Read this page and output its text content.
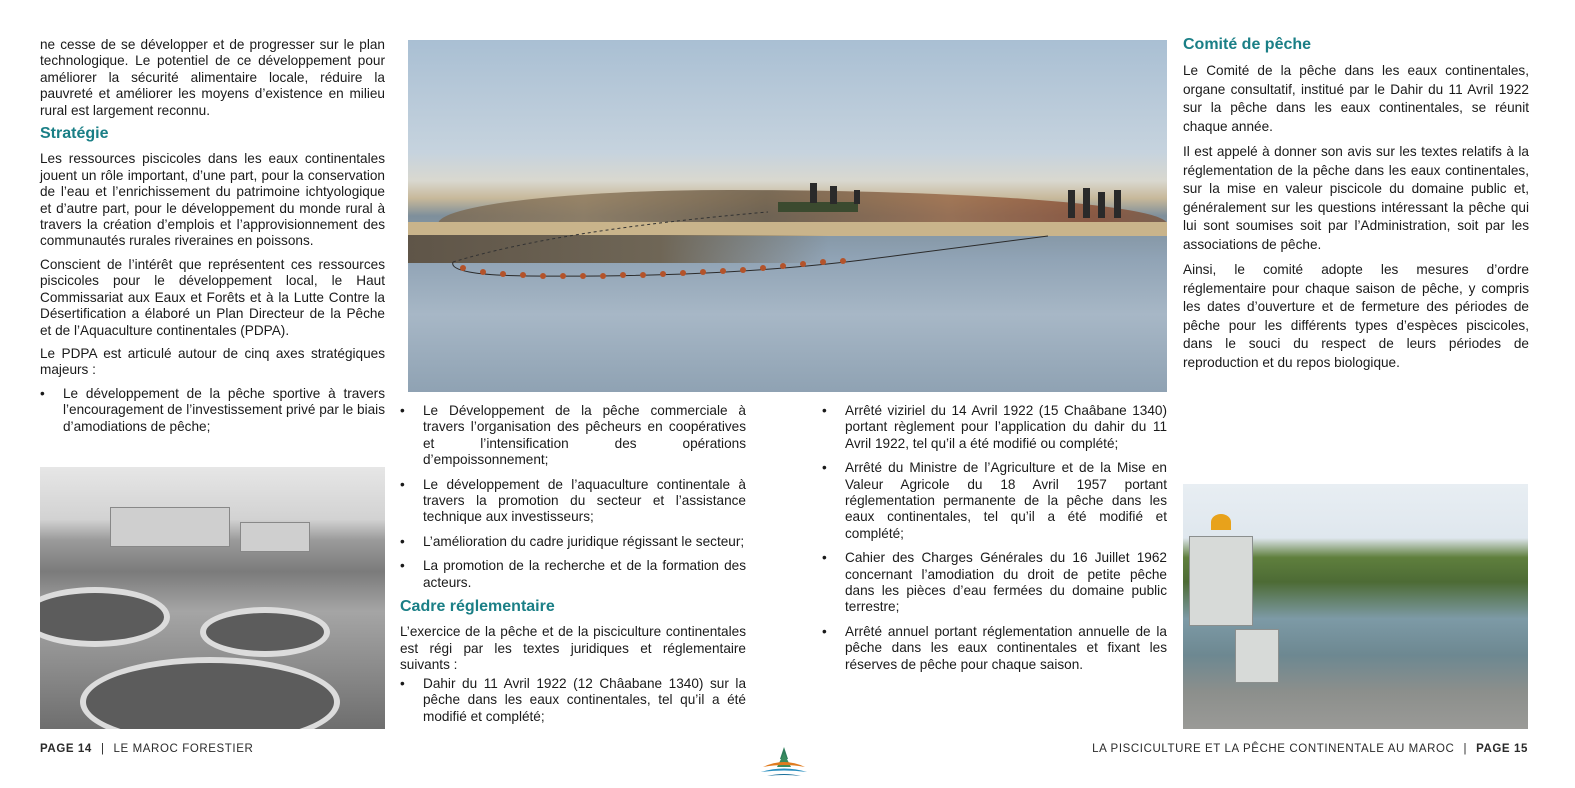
ne cesse de se développer et de progresser sur le plan technologique. Le potentiel de ce développement pour améliorer la sécurité alimentaire locale, réduire la pauvreté et améliorer les moyens d’existence en milieu rural est largement reconnu.

Stratégie

Les ressources piscicoles dans les eaux continentales jouent un rôle important, d’une part, pour la conservation de l’eau et l’enrichissement du patrimoine ichtyologique et d’autre part, pour le développement du monde rural à travers la création d’emplois et l’approvisionnement des communautés rurales riveraines en poissons.

Conscient de l’intérêt que représentent ces ressources piscicoles pour le développement local, le Haut Commissariat aux Eaux et Forêts et à la Lutte Contre la Désertification a élaboré un Plan Directeur de la Pêche et de l’Aquaculture continentales (PDPA).

Le PDPA est articulé autour de cinq axes stratégiques majeurs :

• Le développement de la pêche sportive à travers l’encouragement de l’investissement privé par le biais d’amodiations de pêche;
• Le Développement de la pêche commerciale à travers l’organisation des pêcheurs en coopératives et l’intensification des opérations d’empoissonnement;
• Le développement de l’aquaculture continentale à travers la promotion du secteur et l’assistance technique aux investisseurs;
• L’amélioration du cadre juridique régissant le secteur;
• La promotion de la recherche et de la formation des acteurs.
Cadre réglementaire

L’exercice de la pêche et de la pisciculture continentales est régi par les textes juridiques et réglementaire suivants :

• Dahir du 11 Avril 1922 (12 Châabane 1340) sur la pêche dans les eaux continentales, tel qu’il a été modifié et complété;
• Arrêté viziriel du 14 Avril 1922 (15 Chaâbane 1340) portant règlement pour l’application du dahir du 11 Avril 1922, tel qu’il a été modifié ou complété;
• Arrêté du Ministre de l’Agriculture et de la Mise en Valeur Agricole du 18 Avril 1957 portant réglementation permanente de la pêche dans les eaux continentales, tel qu’il a été modifié et complété;
• Cahier des Charges Générales du 16 Juillet 1962 concernant l’amodiation du droit de petite pêche dans les pièces d’eau fermées du domaine public terrestre;
• Arrêté annuel portant réglementation annuelle de la pêche dans les eaux continentales et fixant les réserves de pêche pour chaque saison.
Comité de pêche

Le Comité de la pêche dans les eaux continentales, organe consultatif, institué par le Dahir du 11 Avril 1922 sur la pêche dans les eaux continentales, se réunit chaque année.

Il est appelé à donner son avis sur les textes relatifs à la réglementation de la pêche dans les eaux continentales, sur la mise en valeur piscicole du domaine public et, généralement sur les questions intéressant la pêche qui lui sont soumises soit par l’Administration, soit par les associations de pêche.

Ainsi, le comité adopte les mesures d’ordre réglementaire pour chaque saison de pêche, y compris les dates d’ouverture et de fermeture des périodes de pêche pour les différents types d’espèces piscicoles, dans le souci du respect de leurs périodes de reproduction et du repos biologique.

PAGE 14 | LE MAROC FORESTIER	LA PISCICULTURE ET LA PÊCHE CONTINENTALE AU MAROC | PAGE 15
